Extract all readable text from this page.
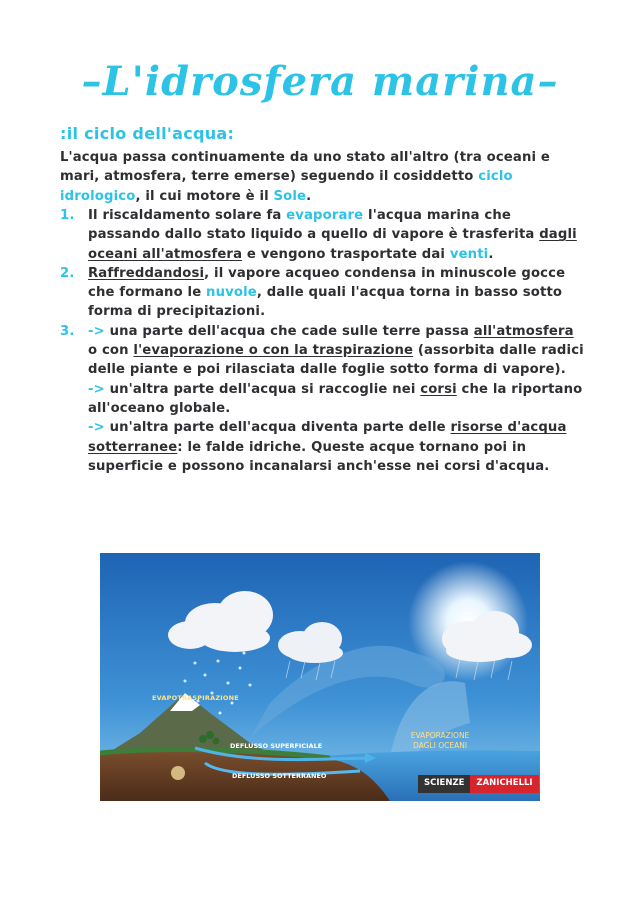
–L'idrosfera marina–
:il ciclo dell'acqua:

L'acqua passa continuamente da uno stato all'altro (tra oceani e mari, atmosfera, terre emerse) seguendo il cosiddetto ciclo idrologico, il cui motore è il Sole.

1. Il riscaldamento solare fa evaporare l'acqua marina che passando dallo stato liquido a quello di vapore è trasferita dagli oceani all'atmosfera e vengono trasportate dai venti.
2. Raffreddandosi, il vapore acqueo condensa in minuscole gocce che formano le nuvole, dalle quali l'acqua torna in basso sotto forma di precipitazioni.
3. -> una parte dell'acqua che cade sulle terre passa all'atmosfera o con l'evaporazione o con la traspirazione (assorbita dalle radici delle piante e poi rilasciata dalle foglie sotto forma di vapore).
-> un'altra parte dell'acqua si raccoglie nei corsi che la riportano all'oceano globale.
-> un'altra parte dell'acqua diventa parte delle risorse d'acqua sotterranee: le falde idriche. Queste acque tornano poi in superficie e possono incanalarsi anch'esse nei corsi d'acqua.
EVAPOTRASPIRAZIONE
DEFLUSSO SUPERFICIALE
DEFLUSSO SOTTERRANEO
EVAPORAZIONE
DAGLI OCEANI
SCIENZE	ZANICHELLI
